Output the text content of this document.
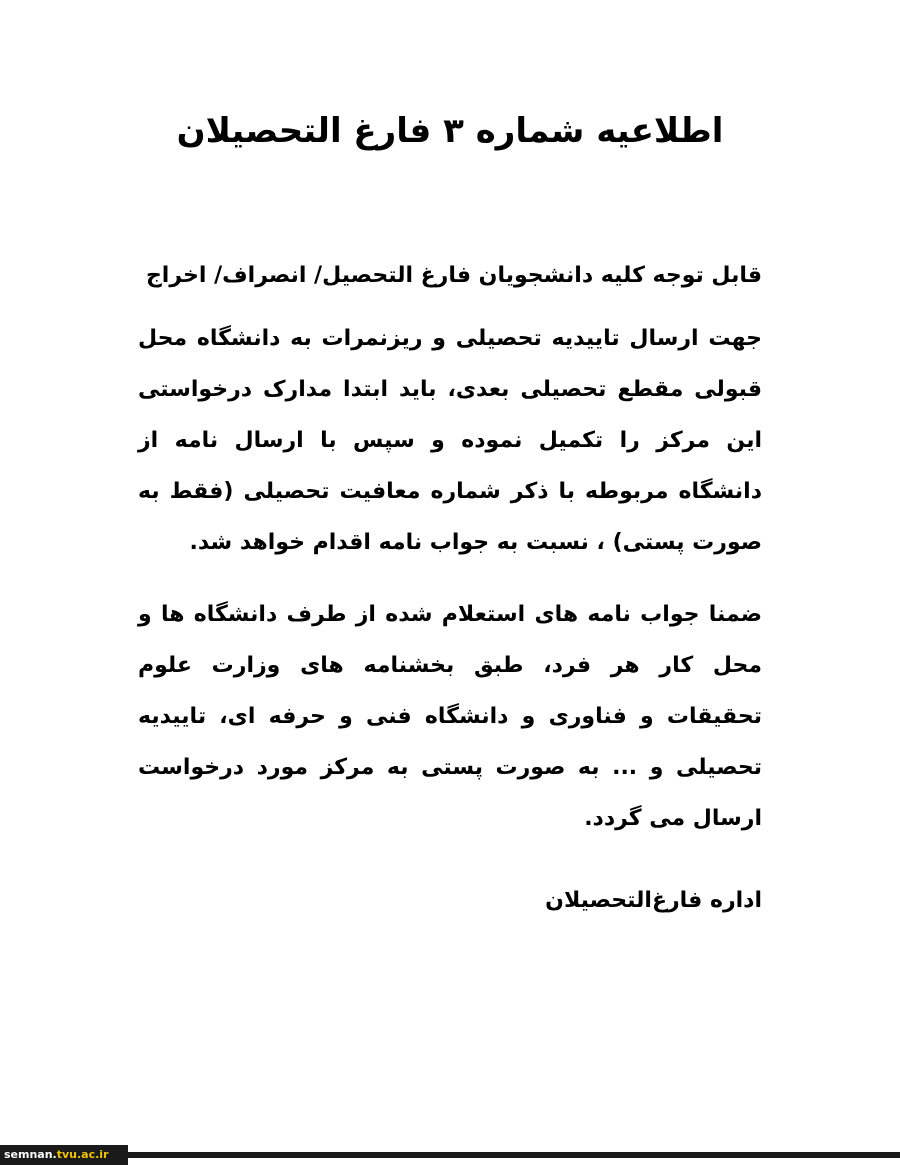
اطلاعیه شماره ۳ فارغ التحصیلان
قابل توجه کلیه دانشجویان فارغ التحصیل/ انصراف/ اخراج
جهت ارسال تاییدیه تحصیلی و ریزنمرات به دانشگاه محل قبولی مقطع تحصیلی بعدی، باید ابتدا مدارک درخواستی این مرکز را تکمیل نموده و سپس با ارسال نامه از دانشگاه مربوطه با ذکر شماره معافیت تحصیلی (فقط به صورت پستی) ، نسبت به جواب نامه اقدام خواهد شد.
ضمنا جواب نامه های استعلام شده از طرف دانشگاه ها و محل کار هر فرد، طبق بخشنامه های وزارت علوم تحقیقات و فناوری و دانشگاه فنی و حرفه ای، تاییدیه تحصیلی و ... به صورت پستی به مرکز مورد درخواست ارسال می گردد.
اداره فارغ‌التحصیلان
semnan.tvu.ac.ir
